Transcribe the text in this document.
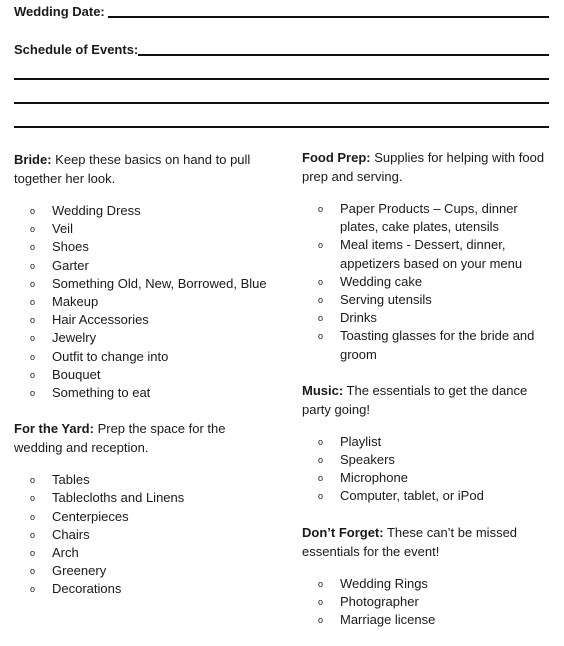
Wedding Date:
Schedule of Events:

Bride: Keep these basics on hand to pull together her look.

o Wedding Dress
o Veil
o Shoes
o Garter
o Something Old, New, Borrowed, Blue
o Makeup
o Hair Accessories
o Jewelry
o Outfit to change into
o Bouquet
o Something to eat

For the Yard: Prep the space for the wedding and reception.

o Tables
o Tablecloths and Linens
o Centerpieces
o Chairs
o Arch
o Greenery
o Decorations

Food Prep: Supplies for helping with food prep and serving.

o Paper Products – Cups, dinner plates, cake plates, utensils
o Meal items - Dessert, dinner, appetizers based on your menu
o Wedding cake
o Serving utensils
o Drinks
o Toasting glasses for the bride and groom

Music: The essentials to get the dance party going!

o Playlist
o Speakers
o Microphone
o Computer, tablet, or iPod

Don’t Forget: These can’t be missed essentials for the event!

o Wedding Rings
o Photographer
o Marriage license
